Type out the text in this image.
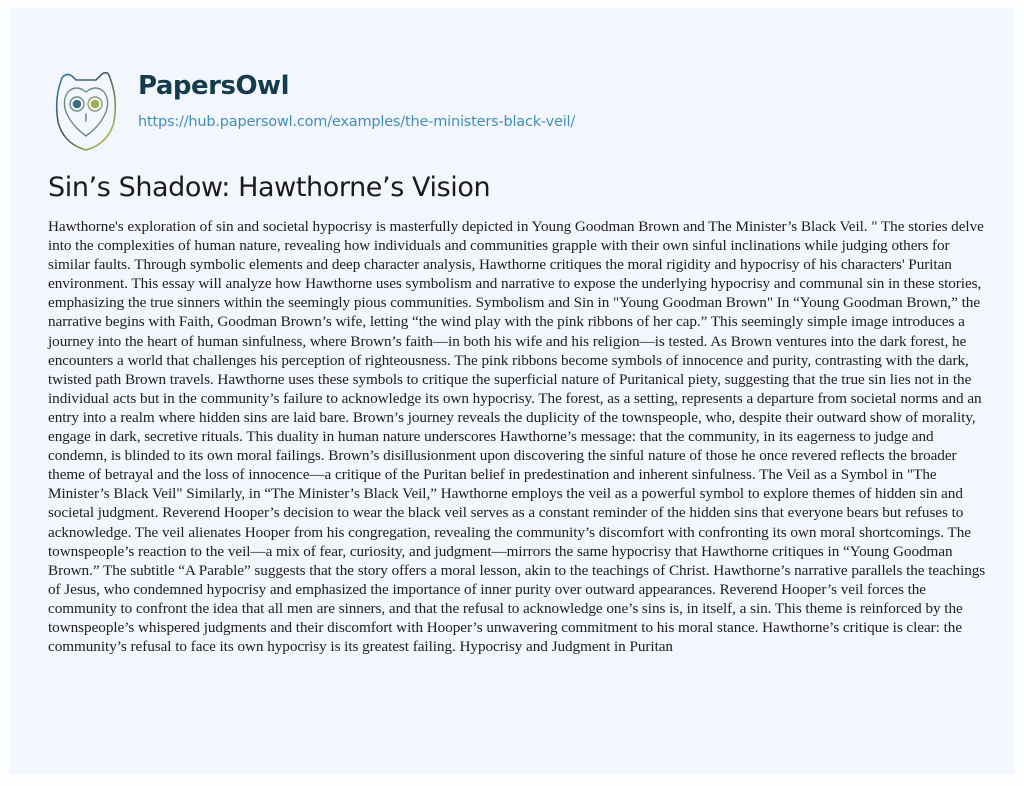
PapersOwl
https://hub.papersowl.com/examples/the-ministers-black-veil/
Sin’s Shadow: Hawthorne’s Vision

Hawthorne's exploration of sin and societal hypocrisy is masterfully depicted in Young Goodman Brown and The Minister’s Black Veil. " The stories delve into the complexities of human nature, revealing how individuals and communities grapple with their own sinful inclinations while judging others for similar faults. Through symbolic elements and deep character analysis, Hawthorne critiques the moral rigidity and hypocrisy of his characters' Puritan environment. This essay will analyze how Hawthorne uses symbolism and narrative to expose the underlying hypocrisy and communal sin in these stories, emphasizing the true sinners within the seemingly pious communities. Symbolism and Sin in "Young Goodman Brown" In “Young Goodman Brown,” the narrative begins with Faith, Goodman Brown’s wife, letting “the wind play with the pink ribbons of her cap.” This seemingly simple image introduces a journey into the heart of human sinfulness, where Brown’s faith—in both his wife and his religion—is tested. As Brown ventures into the dark forest, he encounters a world that challenges his perception of righteousness. The pink ribbons become symbols of innocence and purity, contrasting with the dark, twisted path Brown travels. Hawthorne uses these symbols to critique the superficial nature of Puritanical piety, suggesting that the true sin lies not in the individual acts but in the community’s failure to acknowledge its own hypocrisy. The forest, as a setting, represents a departure from societal norms and an entry into a realm where hidden sins are laid bare. Brown’s journey reveals the duplicity of the townspeople, who, despite their outward show of morality, engage in dark, secretive rituals. This duality in human nature underscores Hawthorne’s message: that the community, in its eagerness to judge and condemn, is blinded to its own moral failings. Brown’s disillusionment upon discovering the sinful nature of those he once revered reflects the broader theme of betrayal and the loss of innocence—a critique of the Puritan belief in predestination and inherent sinfulness. The Veil as a Symbol in "The Minister’s Black Veil" Similarly, in “The Minister’s Black Veil,” Hawthorne employs the veil as a powerful symbol to explore themes of hidden sin and societal judgment. Reverend Hooper’s decision to wear the black veil serves as a constant reminder of the hidden sins that everyone bears but refuses to acknowledge. The veil alienates Hooper from his congregation, revealing the community’s discomfort with confronting its own moral shortcomings. The townspeople’s reaction to the veil—a mix of fear, curiosity, and judgment—mirrors the same hypocrisy that Hawthorne critiques in “Young Goodman Brown.” The subtitle “A Parable” suggests that the story offers a moral lesson, akin to the teachings of Christ. Hawthorne’s narrative parallels the teachings of Jesus, who condemned hypocrisy and emphasized the importance of inner purity over outward appearances. Reverend Hooper’s veil forces the community to confront the idea that all men are sinners, and that the refusal to acknowledge one’s sins is, in itself, a sin. This theme is reinforced by the townspeople’s whispered judgments and their discomfort with Hooper’s unwavering commitment to his moral stance. Hawthorne’s critique is clear: the community’s refusal to face its own hypocrisy is its greatest failing. Hypocrisy and Judgment in Puritan
